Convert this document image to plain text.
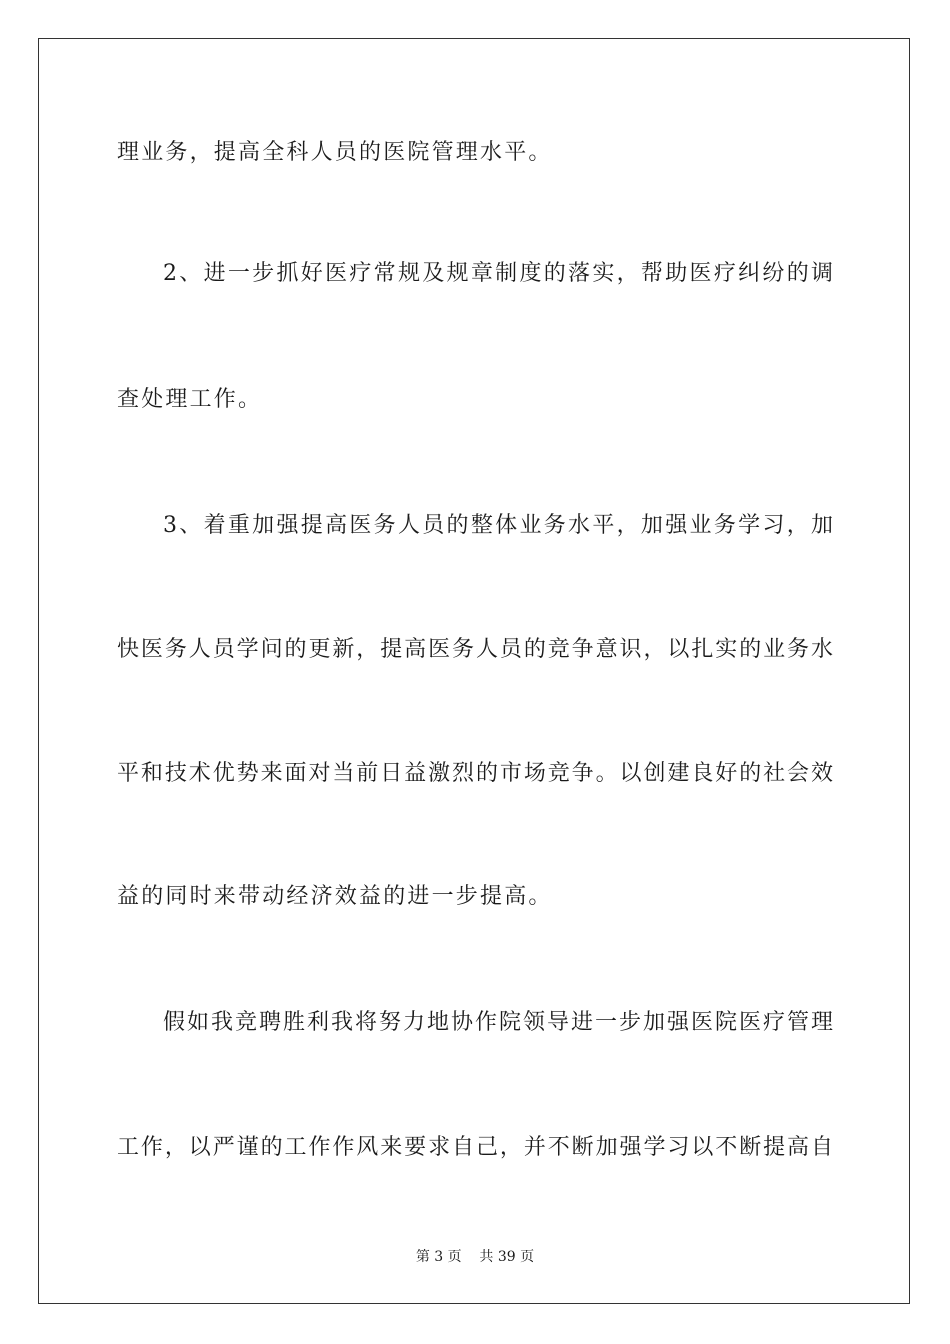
理业务，提高全科人员的医院管理水平。
2、进一步抓好医疗常规及规章制度的落实，帮助医疗纠纷的调
查处理工作。
3、着重加强提高医务人员的整体业务水平，加强业务学习，加
快医务人员学问的更新，提高医务人员的竞争意识，以扎实的业务水
平和技术优势来面对当前日益激烈的市场竞争。以创建良好的社会效
益的同时来带动经济效益的进一步提高。
假如我竞聘胜利我将努力地协作院领导进一步加强医院医疗管理
工作，以严谨的工作作风来要求自己，并不断加强学习以不断提高自
第 3 页    共 39 页
